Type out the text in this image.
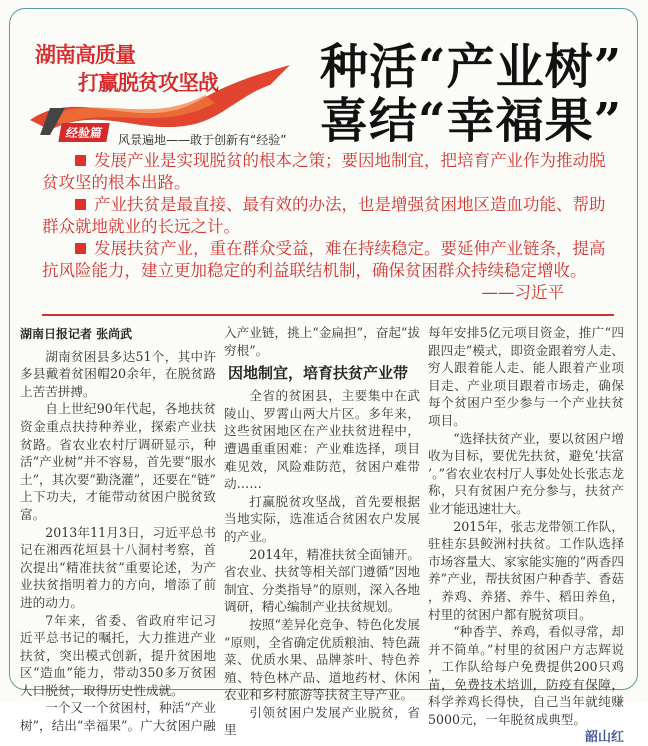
湖南高质量
打赢脱贫攻坚战
经验篇	风景遍地——敢于创新有“经验”
种活“产业树”
喜结“幸福果”

发展产业是实现脱贫的根本之策；要因地制宜，把培育产业作为推动脱贫攻坚的根本出路。

产业扶贫是最直接、最有效的办法，也是增强贫困地区造血功能、帮助群众就地就业的长远之计。

发展扶贫产业，重在群众受益，难在持续稳定。要延伸产业链条，提高抗风险能力，建立更加稳定的利益联结机制，确保贫困群众持续稳定增收。

——习近平

湖南日报记者 张尚武

湖南贫困县多达51个，其中许多县戴着贫困帽20余年，在脱贫路上苦苦拼搏。

自上世纪90年代起，各地扶贫资金重点扶持种养业，探索产业扶贫路。省农业农村厅调研显示，种活“产业树”并不容易，首先要“服水土”，其次要“勤浇灌”，还要在“链”上下功夫，才能带动贫困户脱贫致富。

2013年11月3日，习近平总书记在湘西花垣县十八洞村考察，首次提出“精准扶贫”重要论述，为产业扶贫指明着力的方向，增添了前进的动力。

7年来，省委、省政府牢记习近平总书记的嘱托，大力推进产业扶贫，突出模式创新，提升贫困地区“造血”能力，带动350多万贫困人口脱贫，取得历史性成就。

一个又一个贫困村，种活“产业树”，结出“幸福果”。广大贫困户融

入产业链，挑上“金扁担”，奋起“拔穷根”。

因地制宜，培育扶贫产业带

全省的贫困县，主要集中在武陵山、罗霄山两大片区。多年来，这些贫困地区在产业扶贫进程中，遭遇重重困难：产业难选择，项目难见效，风险难防范，贫困户难带动……

打赢脱贫攻坚战，首先要根据当地实际，选准适合贫困农户发展的产业。

2014年，精准扶贫全面铺开。省农业、扶贫等相关部门遵循“因地制宜、分类指导”的原则，深入各地调研，精心编制产业扶贫规划。

按照“差异化竞争、特色化发展”原则，全省确定优质粮油、特色蔬菜、优质水果、品牌茶叶、特色养殖、特色林产品、道地药材、休闲农业和乡村旅游等扶贫主导产业。

引领贫困户发展产业脱贫，省里

每年安排5亿元项目资金，推广“四跟四走”模式，即资金跟着穷人走、穷人跟着能人走、能人跟着产业项目走、产业项目跟着市场走，确保每个贫困户至少参与一个产业扶贫项目。

“选择扶贫产业，要以贫困户增收为目标，要优先扶贫，避免‘扶富’。”省农业农村厅人事处处长张志龙称，只有贫困户充分参与，扶贫产业才能迅速壮大。

2015年，张志龙带领工作队，驻桂东县鲛洲村扶贫。工作队选择市场容量大、家家能实施的“两香四养”产业，帮扶贫困户种香芋、香菇，养鸡、养猪、养牛、稻田养鱼，村里的贫困户都有脱贫项目。

“种香芋、养鸡，看似寻常，却并不简单。”村里的贫困户方志辉说，工作队给每户免费提供200只鸡苗，免费技术培训，防疫有保障，科学养鸡长得快，自己当年就纯赚5000元，一年脱贫成典型。

韶山红
